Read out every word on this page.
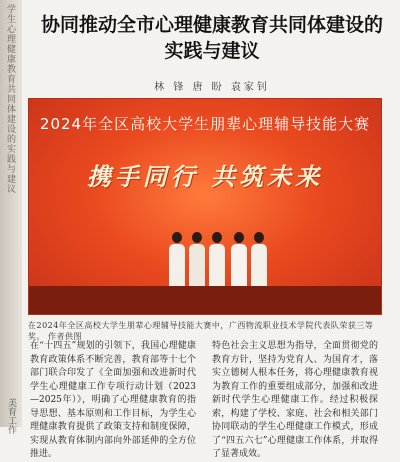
学生心理健康教育共同体建设的实践与建议
美育工作
协同推动全市心理健康教育共同体建设的
实践与建议
林 锋 唐 盼 袁家钊
2024年全区高校大学生朋辈心理辅导技能大赛
携手同行 共筑未来
在2024年全区高校大学生朋辈心理辅导技能大赛中，广西物流职业技术学院代表队荣获三等奖。 作者供图
在“十四五”规划的引领下，我国心理健康教育政策体系不断完善，教育部等十七个部门联合印发了《全面加强和改进新时代学生心理健康工作专项行动计划（2023—2025年）》，明确了心理健康教育的指导思想、基本原则和工作目标，为学生心理健康教育提供了政策支持和制度保障，实现从教育体制内部向外部延伸的全方位推进。
特色社会主义思想为指导，全面贯彻党的教育方针，坚持为党育人、为国育才，落实立德树人根本任务，将心理健康教育视为教育工作的重要组成部分，加强和改进新时代学生心理健康工作。经过积极探索，构建了学校、家庭、社会和相关部门协同联动的学生心理健康工作模式，形成了“四五六七”心理健康工作体系，并取得了显著成效。
